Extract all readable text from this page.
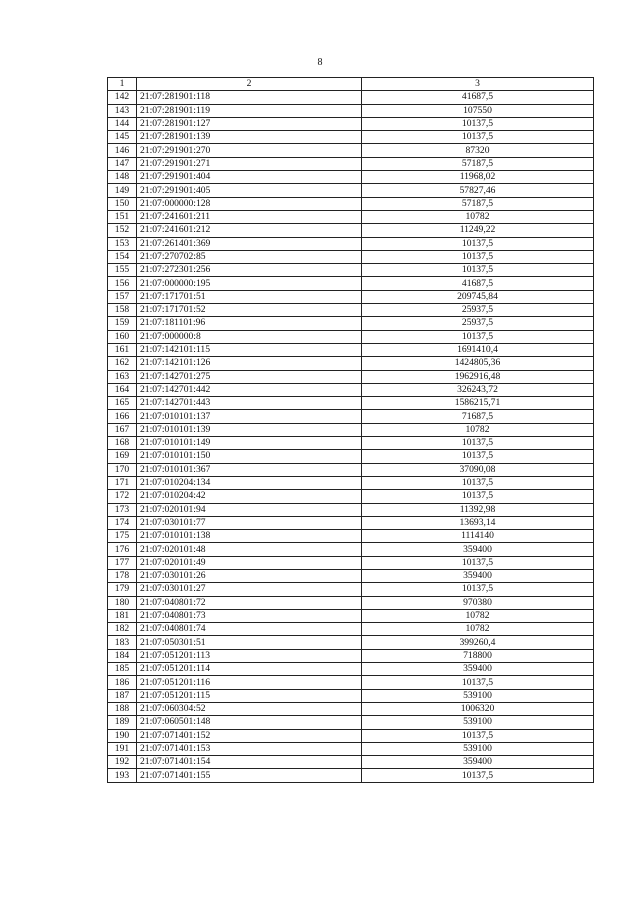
8
1	2	3
142	21:07:281901:118	41687,5
143	21:07:281901:119	107550
144	21:07:281901:127	10137,5
145	21:07:281901:139	10137,5
146	21:07:291901:270	87320
147	21:07:291901:271	57187,5
148	21:07:291901:404	11968,02
149	21:07:291901:405	57827,46
150	21:07:000000:128	57187,5
151	21:07:241601:211	10782
152	21:07:241601:212	11249,22
153	21:07:261401:369	10137,5
154	21:07:270702:85	10137,5
155	21:07:272301:256	10137,5
156	21:07:000000:195	41687,5
157	21:07:171701:51	209745,84
158	21:07:171701:52	25937,5
159	21:07:181101:96	25937,5
160	21:07:000000:8	10137,5
161	21:07:142101:115	1691410,4
162	21:07:142101:126	1424805,36
163	21:07:142701:275	1962916,48
164	21:07:142701:442	326243,72
165	21:07:142701:443	1586215,71
166	21:07:010101:137	71687,5
167	21:07:010101:139	10782
168	21:07:010101:149	10137,5
169	21:07:010101:150	10137,5
170	21:07:010101:367	37090,08
171	21:07:010204:134	10137,5
172	21:07:010204:42	10137,5
173	21:07:020101:94	11392,98
174	21:07:030101:77	13693,14
175	21:07:010101:138	1114140
176	21:07:020101:48	359400
177	21:07:020101:49	10137,5
178	21:07:030101:26	359400
179	21:07:030101:27	10137,5
180	21:07:040801:72	970380
181	21:07:040801:73	10782
182	21:07:040801:74	10782
183	21:07:050301:51	399260,4
184	21:07:051201:113	718800
185	21:07:051201:114	359400
186	21:07:051201:116	10137,5
187	21:07:051201:115	539100
188	21:07:060304:52	1006320
189	21:07:060501:148	539100
190	21:07:071401:152	10137,5
191	21:07:071401:153	539100
192	21:07:071401:154	359400
193	21:07:071401:155	10137,5
